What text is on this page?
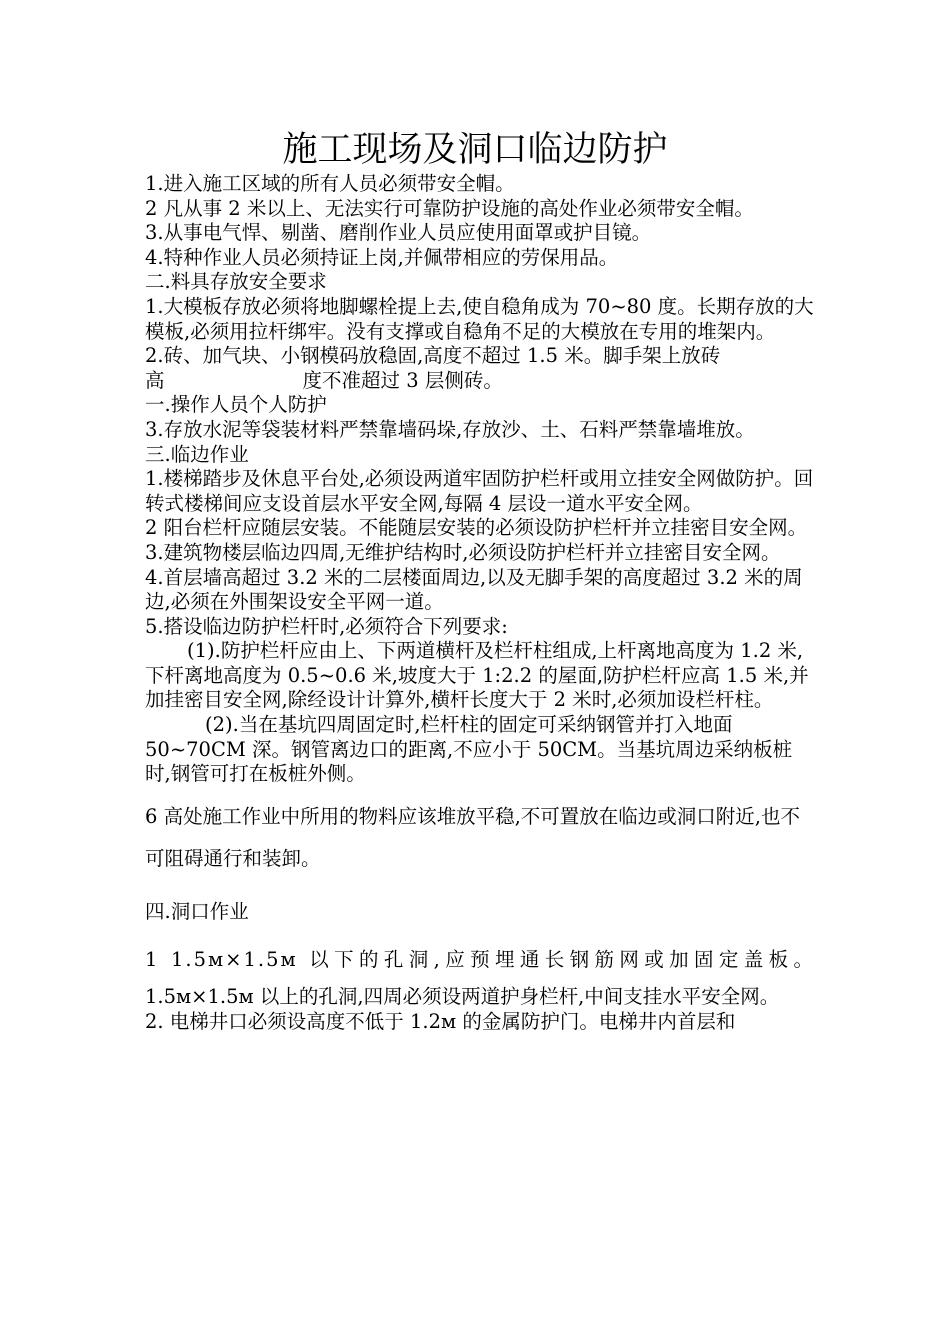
施工现场及洞口临边防护

1.进入施工区域的所有人员必须带安全帽。

2 凡从事 2 米以上、无法实行可靠防护设施的高处作业必须带安全帽。

3.从事电气悍、剔凿、磨削作业人员应使用面罩或护目镜。

4.特种作业人员必须持证上岗,并佩带相应的劳保用品。

二.料具存放安全要求

1.大模板存放必须将地脚螺栓提上去,使自稳角成为 70~80 度。长期存放的大模板,必须用拉杆绑牢。没有支撑或自稳角不足的大模放在专用的堆架内。

2.砖、加气块、小钢模码放稳固,高度不超过 1.5 米。脚手架上放砖

高	度不准超过 3 层侧砖。

一.操作人员个人防护

3.存放水泥等袋装材料严禁靠墙码垛,存放沙、土、石料严禁靠墙堆放。

三.临边作业

1.楼梯踏步及休息平台处,必须设两道牢固防护栏杆或用立挂安全网做防护。回转式楼梯间应支设首层水平安全网,每隔 4 层设一道水平安全网。

2 阳台栏杆应随层安装。不能随层安装的必须设防护栏杆并立挂密目安全网。

3.建筑物楼层临边四周,无维护结构时,必须设防护栏杆并立挂密目安全网。

4.首层墙高超过 3.2 米的二层楼面周边,以及无脚手架的高度超过 3.2 米的周边,必须在外围架设安全平网一道。

5.搭设临边防护栏杆时,必须符合下列要求:

(1).防护栏杆应由上、下两道横杆及栏杆柱组成,上杆离地高度为 1.2 米,下杆离地高度为 0.5~0.6 米,坡度大于 1:2.2 的屋面,防护栏杆应高 1.5 米,并加挂密目安全网,除经设计计算外,横杆长度大于 2 米时,必须加设栏杆柱。

(2).当在基坑四周固定时,栏杆柱的固定可采纳钢管并打入地面 50~70CM 深。钢管离边口的距离,不应小于 50CM。当基坑周边采纳板桩时,钢管可打在板桩外侧。

6 高处施工作业中所用的物料应该堆放平稳,不可置放在临边或洞口附近,也不可阻碍通行和装卸。

四.洞口作业

1 1.5м×1.5м 以下的孔洞,应预埋通长钢筋网或加固定盖板。

1.5м×1.5м 以上的孔洞,四周必须设两道护身栏杆,中间支挂水平安全网。

2. 电梯井口必须设高度不低于 1.2м 的金属防护门。电梯井内首层和
